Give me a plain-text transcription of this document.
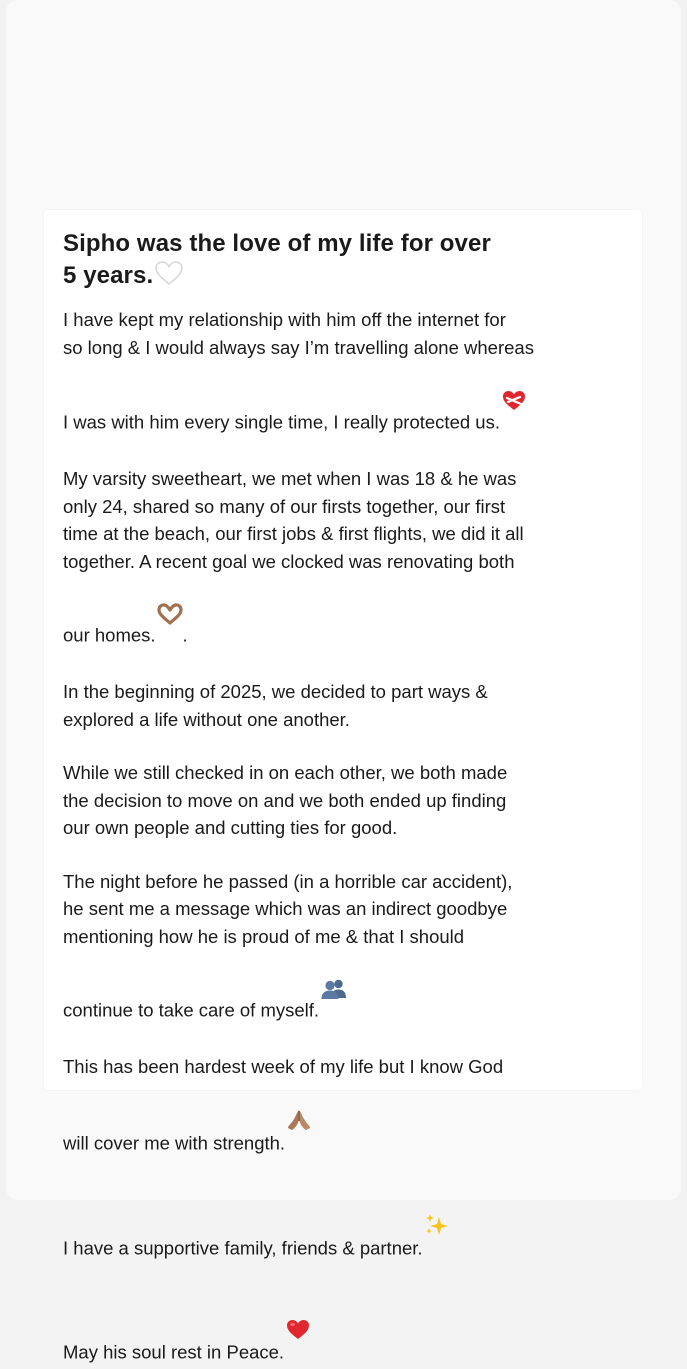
Sipho was the love of my life for over
5 years.
I have kept my relationship with him off the internet for
so long & I would always say I’m travelling alone whereas
I was with him every single time, I really protected us.

My varsity sweetheart, we met when I was 18 & he was
only 24, shared so many of our firsts together, our first
time at the beach, our first jobs & first flights, we did it all
together. A recent goal we clocked was renovating both
our homes. .
In the beginning of 2025, we decided to part ways &
explored a life without one another.
While we still checked in on each other, we both made
the decision to move on and we both ended up finding
our own people and cutting ties for good.
The night before he passed (in a horrible car accident),
he sent me a message which was an indirect goodbye
mentioning how he is proud of me & that I should
continue to take care of myself.

This has been hardest week of my life but I know God
will cover me with strength.

I have a supportive family, friends & partner.

May his soul rest in Peace.
